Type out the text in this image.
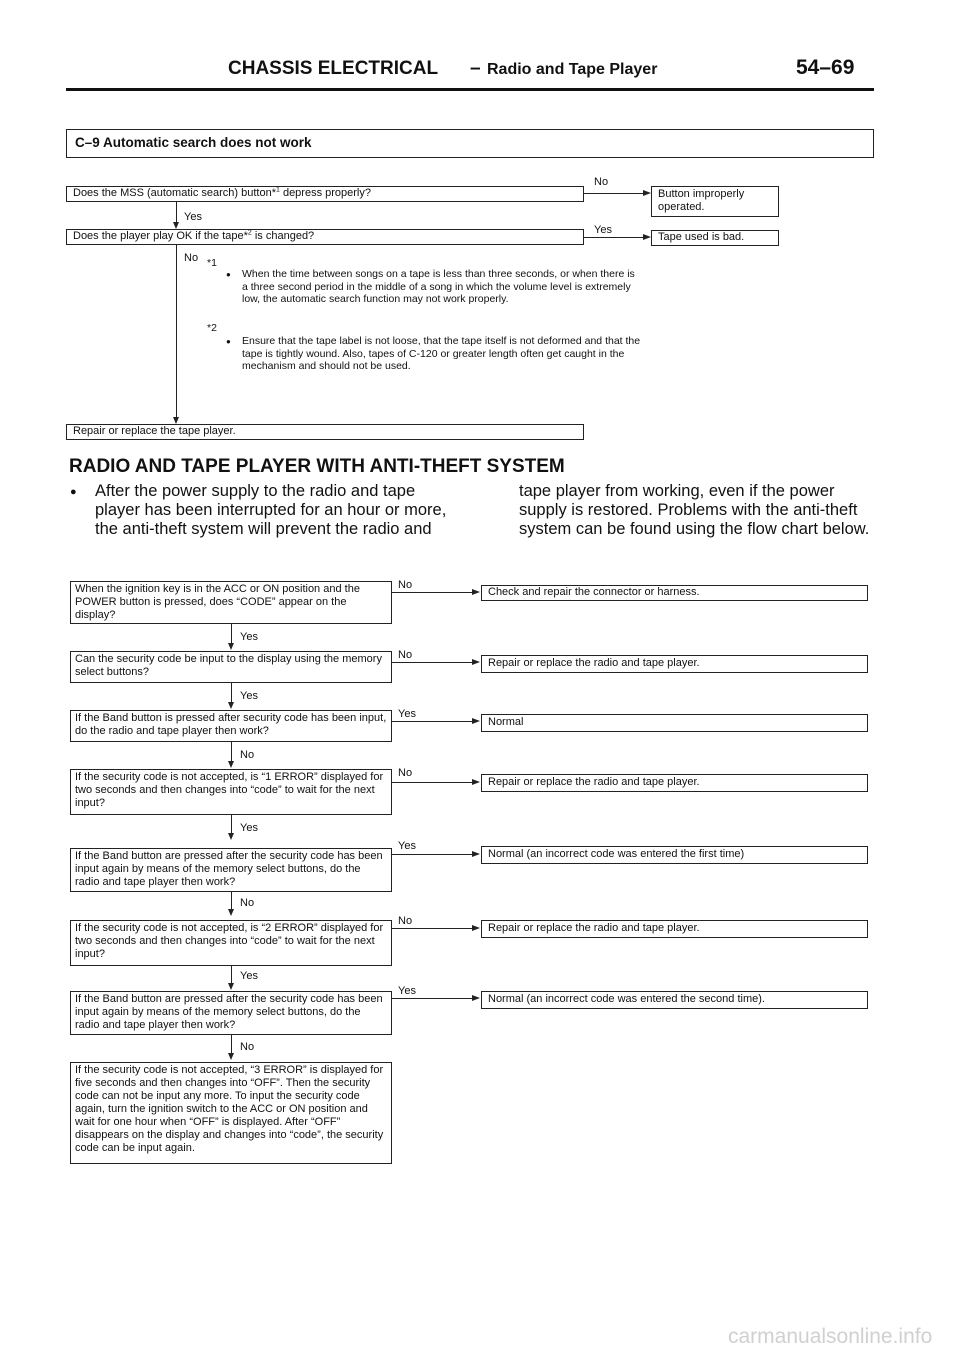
CHASSIS ELECTRICAL – Radio and Tape Player	54–69
C–9 Automatic search does not work
Does the MSS (automatic search) button*$^1$ depress properly?
No
Button improperly operated.
Yes
Does the player play OK if the tape*$^2$ is changed?	Yes
Tape used is bad.
No *1
● When the time between songs on a tape is less than three seconds, or when there is a three second period in the middle of a song in which the volume level is extremely low, the automatic search function may not work properly.
*2
● Ensure that the tape label is not loose, that the tape itself is not deformed and that the tape is tightly wound. Also, tapes of C-120 or greater length often get caught in the mechanism and should not be used.
Repair or replace the tape player.
RADIO AND TAPE PLAYER WITH ANTI-THEFT SYSTEM
● After the power supply to the radio and tape player has been interrupted for an hour or more, the anti-theft system will prevent the radio and
tape player from working, even if the power supply is restored. Problems with the anti-theft system can be found using the flow chart below.
When the ignition key is in the ACC or ON position and the POWER button is pressed, does “CODE” appear on the display?
No
Check and repair the connector or harness.
Yes
Can the security code be input to the display using the memory select buttons?
No
Repair or replace the radio and tape player.
Yes
If the Band button is pressed after security code has been input, do the radio and tape player then work?
Yes
Normal
No
If the security code is not accepted, is “1 ERROR” displayed for two seconds and then changes into “code” to wait for the next input?
No
Repair or replace the radio and tape player.
Yes
If the Band button are pressed after the security code has been input again by means of the memory select buttons, do the radio and tape player then work?
Yes
Normal (an incorrect code was entered the first time)
No
If the security code is not accepted, is “2 ERROR” displayed for two seconds and then changes into “code” to wait for the next input?
No
Repair or replace the radio and tape player.
Yes
If the Band button are pressed after the security code has been input again by means of the memory select buttons, do the radio and tape player then work?
Yes
Normal (an incorrect code was entered the second time).
No
If the security code is not accepted, “3 ERROR” is displayed for five seconds and then changes into “OFF”. Then the security code can not be input any more. To input the security code again, turn the ignition switch to the ACC or ON position and wait for one hour when “OFF” is displayed. After “OFF” disappears on the display and changes into “code”, the security code can be input again.
carmanualsonline.info
